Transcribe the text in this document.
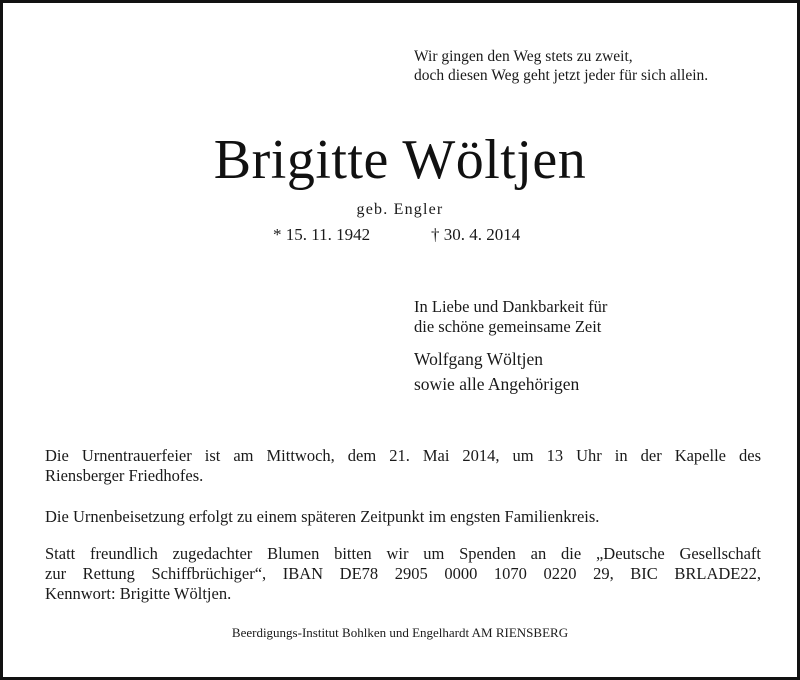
Wir gingen den Weg stets zu zweit,
doch diesen Weg geht jetzt jeder für sich allein.
Brigitte Wöltjen
geb. Engler
* 15. 11. 1942	† 30. 4. 2014
In Liebe und Dankbarkeit für
die schöne gemeinsame Zeit
Wolfgang Wöltjen
sowie alle Angehörigen
Die Urnentrauerfeier ist am Mittwoch, dem 21. Mai 2014, um 13 Uhr in der Kapelle des
Riensberger Friedhofes.
Die Urnenbeisetzung erfolgt zu einem späteren Zeitpunkt im engsten Familienkreis.
Statt freundlich zugedachter Blumen bitten wir um Spenden an die „Deutsche Gesellschaft
zur Rettung Schiffbrüchiger“, IBAN DE78 2905 0000 1070 0220 29, BIC BRLADE22,
Kennwort: Brigitte Wöltjen.
Beerdigungs-Institut Bohlken und Engelhardt AM RIENSBERG
